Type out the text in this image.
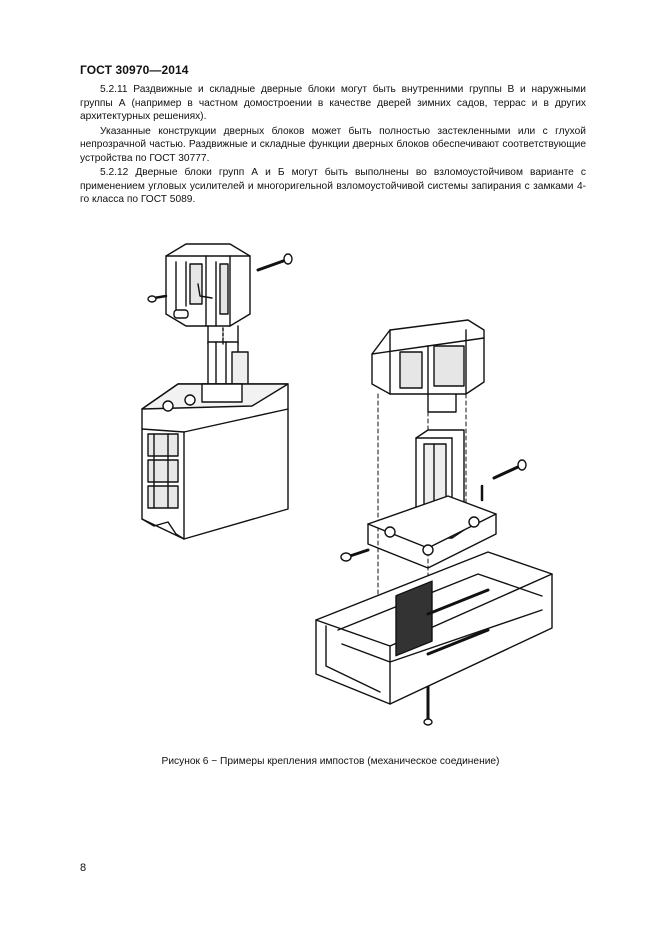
ГОСТ 30970—2014

5.2.11 Раздвижные и складные дверные блоки могут быть внутренними группы В и наружными группы А (например в частном домостроении в качестве дверей зимних садов, террас и в других архитектурных решениях).

Указанные конструкции дверных блоков может быть полностью застекленными или с глухой непрозрачной частью. Раздвижные и складные функции дверных блоков обеспечивают соответствующие устройства по ГОСТ 30777.

5.2.12 Дверные блоки групп А и Б могут быть выполнены во взломоустойчивом варианте с применением угловых усилителей и многоригельной взломоустойчивой системы запирания с замками 4-го класса по ГОСТ 5089.

Рисунок 6 − Примеры крепления импостов (механическое соединение)
8
